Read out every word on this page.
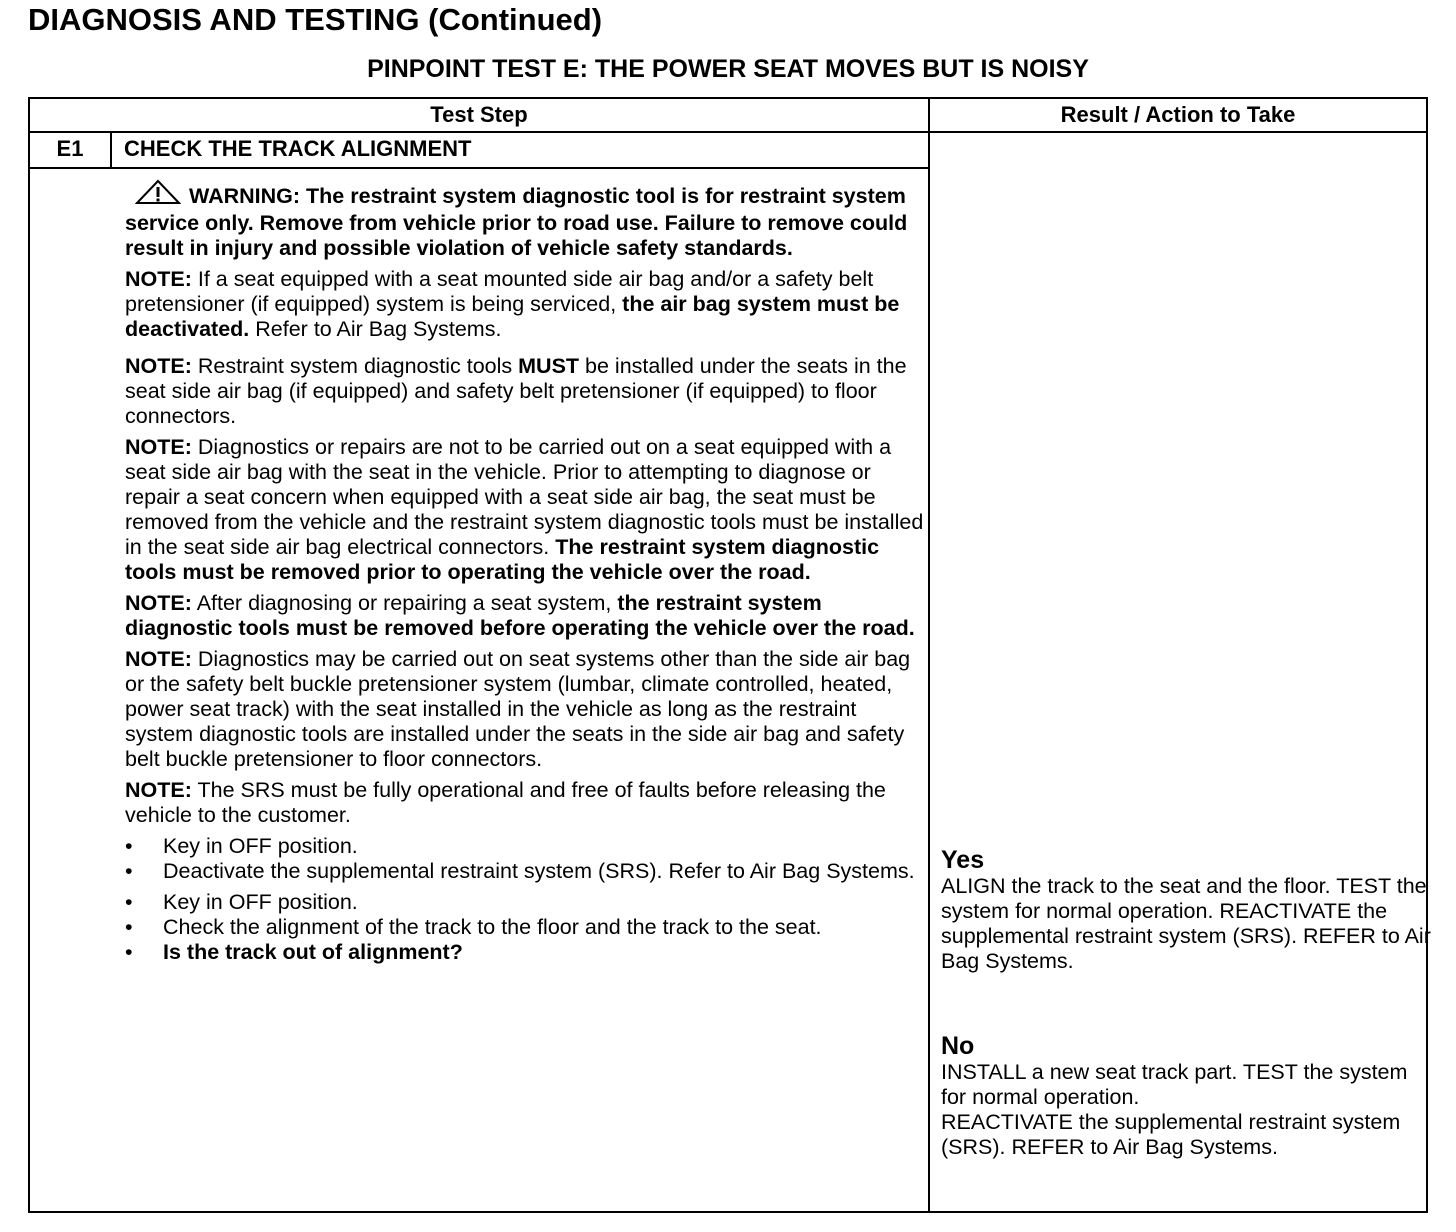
DIAGNOSIS AND TESTING (Continued)
PINPOINT TEST E: THE POWER SEAT MOVES BUT IS NOISY
Test Step	Result / Action to Take
E1	CHECK THE TRACK ALIGNMENT
WARNING: The restraint system diagnostic tool is for restraint system service only. Remove from vehicle prior to road use. Failure to remove could result in injury and possible violation of vehicle safety standards.
NOTE: If a seat equipped with a seat mounted side air bag and/or a safety belt pretensioner (if equipped) system is being serviced, the air bag system must be deactivated. Refer to Air Bag Systems.
NOTE: Restraint system diagnostic tools MUST be installed under the seats in the seat side air bag (if equipped) and safety belt pretensioner (if equipped) to floor connectors.
NOTE: Diagnostics or repairs are not to be carried out on a seat equipped with a seat side air bag with the seat in the vehicle. Prior to attempting to diagnose or repair a seat concern when equipped with a seat side air bag, the seat must be removed from the vehicle and the restraint system diagnostic tools must be installed in the seat side air bag electrical connectors. The restraint system diagnostic tools must be removed prior to operating the vehicle over the road.
NOTE: After diagnosing or repairing a seat system, the restraint system diagnostic tools must be removed before operating the vehicle over the road.
NOTE: Diagnostics may be carried out on seat systems other than the side air bag or the safety belt buckle pretensioner system (lumbar, climate controlled, heated, power seat track) with the seat installed in the vehicle as long as the restraint system diagnostic tools are installed under the seats in the side air bag and safety belt buckle pretensioner to floor connectors.
NOTE: The SRS must be fully operational and free of faults before releasing the vehicle to the customer.
• Key in OFF position.
• Deactivate the supplemental restraint system (SRS). Refer to Air Bag Systems.
• Key in OFF position.
• Check the alignment of the track to the floor and the track to the seat.
• Is the track out of alignment?
Yes
ALIGN the track to the seat and the floor. TEST the system for normal operation. REACTIVATE the supplemental restraint system (SRS). REFER to Air Bag Systems.
No
INSTALL a new seat track part. TEST the system for normal operation.
REACTIVATE the supplemental restraint system (SRS). REFER to Air Bag Systems.
